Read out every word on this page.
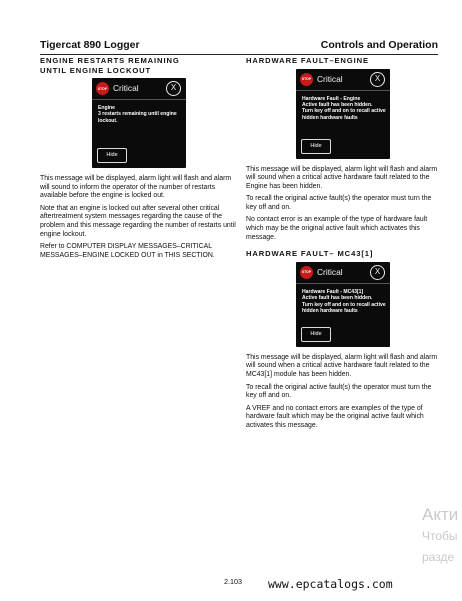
Tigercat 890 Logger	Controls and Operation
ENGINE RESTARTS REMAINING
UNTIL ENGINE LOCKOUT
STOP Critical	X
Engine
3 restarts remaining until engine
lockout.
Hide

This message will be displayed, alarm light will flash and alarm will sound to inform the operator of the number of restarts available before the engine is locked out.

Note that an engine is locked out after several other critical aftertreatment system messages regarding the cause of the problem and this message regarding the number of restarts until engine lockout.

Refer to COMPUTER DISPLAY MESSAGES–CRITICAL MESSAGES–ENGINE LOCKED OUT in THIS SECTION.

HARDWARE FAULT–ENGINE
STOP Critical	X
Hardware Fault - Engine
Active fault has been hidden.
Turn key off and on to recall active
hidden hardware faults
Hide

This message will be displayed, alarm light will flash and alarm will sound when a critical active hardware fault related to the Engine has been hidden.

To recall the original active fault(s) the operator must turn the key off and on.

No contact error is an example of the type of hardware fault which may be the original active fault which activates this message.

HARDWARE FAULT– MC43[1]
STOP Critical	X
Hardware Fault - MC43[1]
Active fault has been hidden.
Turn key off and on to recall active
hidden hardware faults
Hide

This message will be displayed, alarm light will flash and alarm will sound when a critical active hardware fault related to the MC43[1] module has been hidden.

To recall the original active fault(s) the operator must turn the key off and on.

A VREF and no contact errors are examples of the type of hardware fault which may be the original active fault which activates this message.

Акти
Чтобы
разде
2.103 www.epcatalogs.com
